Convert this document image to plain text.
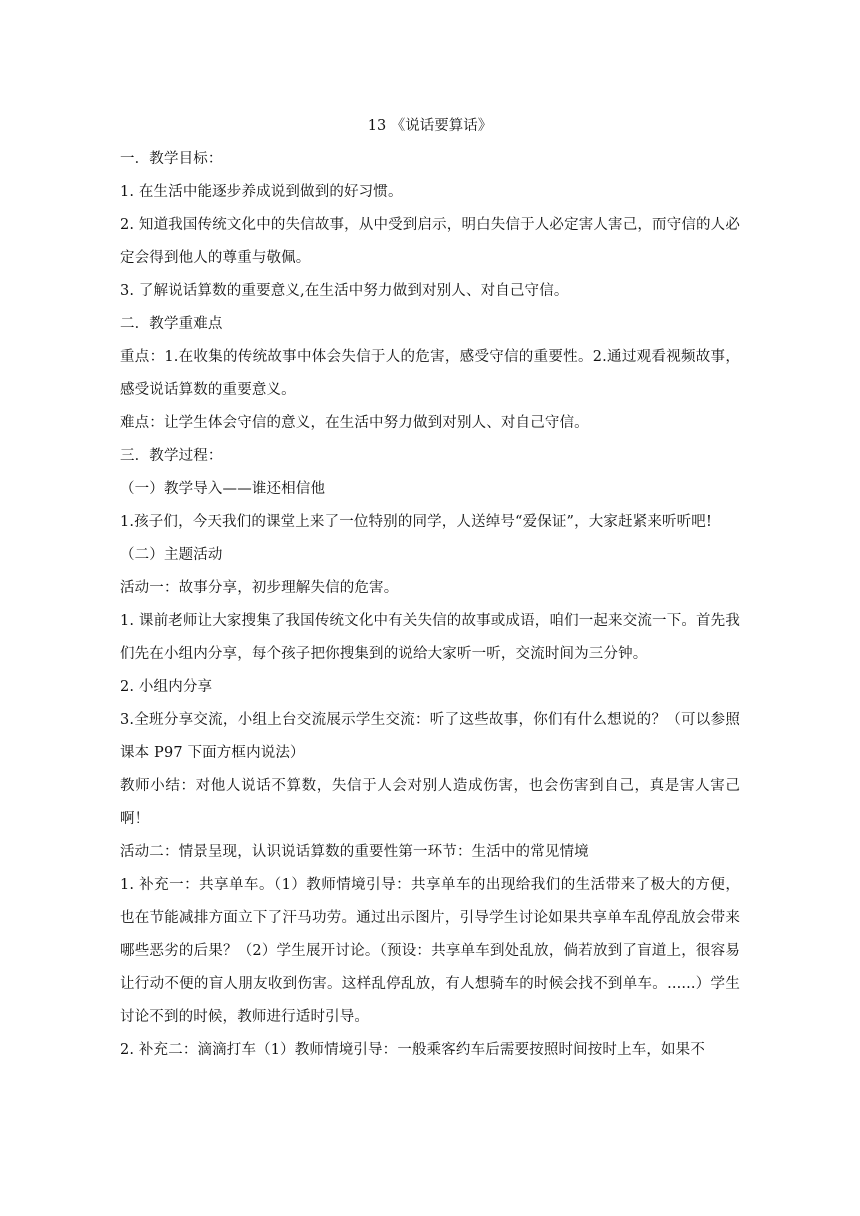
13 《说话要算话》

一．教学目标：

1. 在生活中能逐步养成说到做到的好习惯。

2. 知道我国传统文化中的失信故事，从中受到启示，明白失信于人必定害人害己，而守信的人必定会得到他人的尊重与敬佩。

3. 了解说话算数的重要意义,在生活中努力做到对别人、对自己守信。

二．教学重难点

重点：1.在收集的传统故事中体会失信于人的危害，感受守信的重要性。2.通过观看视频故事，感受说话算数的重要意义。

难点：让学生体会守信的意义，在生活中努力做到对别人、对自己守信。

三．教学过程：

（一）教学导入——谁还相信他

1.孩子们，今天我们的课堂上来了一位特别的同学，人送绰号“爱保证”，大家赶紧来听听吧!

（二）主题活动

活动一：故事分享，初步理解失信的危害。

1. 课前老师让大家搜集了我国传统文化中有关失信的故事或成语，咱们一起来交流一下。首先我们先在小组内分享，每个孩子把你搜集到的说给大家听一听，交流时间为三分钟。

2. 小组内分享

3.全班分享交流，小组上台交流展示学生交流：听了这些故事，你们有什么想说的？（可以参照课本 P97 下面方框内说法）

教师小结：对他人说话不算数，失信于人会对别人造成伤害，也会伤害到自己，真是害人害己啊！

活动二：情景呈现，认识说话算数的重要性第一环节：生活中的常见情境

1. 补充一：共享单车。（1）教师情境引导：共享单车的出现给我们的生活带来了极大的方便，也在节能减排方面立下了汗马功劳。通过出示图片，引导学生讨论如果共享单车乱停乱放会带来哪些恶劣的后果？（2）学生展开讨论。（预设：共享单车到处乱放，倘若放到了盲道上，很容易让行动不便的盲人朋友收到伤害。这样乱停乱放，有人想骑车的时候会找不到单车。......）学生讨论不到的时候，教师进行适时引导。

2. 补充二：滴滴打车（1）教师情境引导：一般乘客约车后需要按照时间按时上车，如果不
